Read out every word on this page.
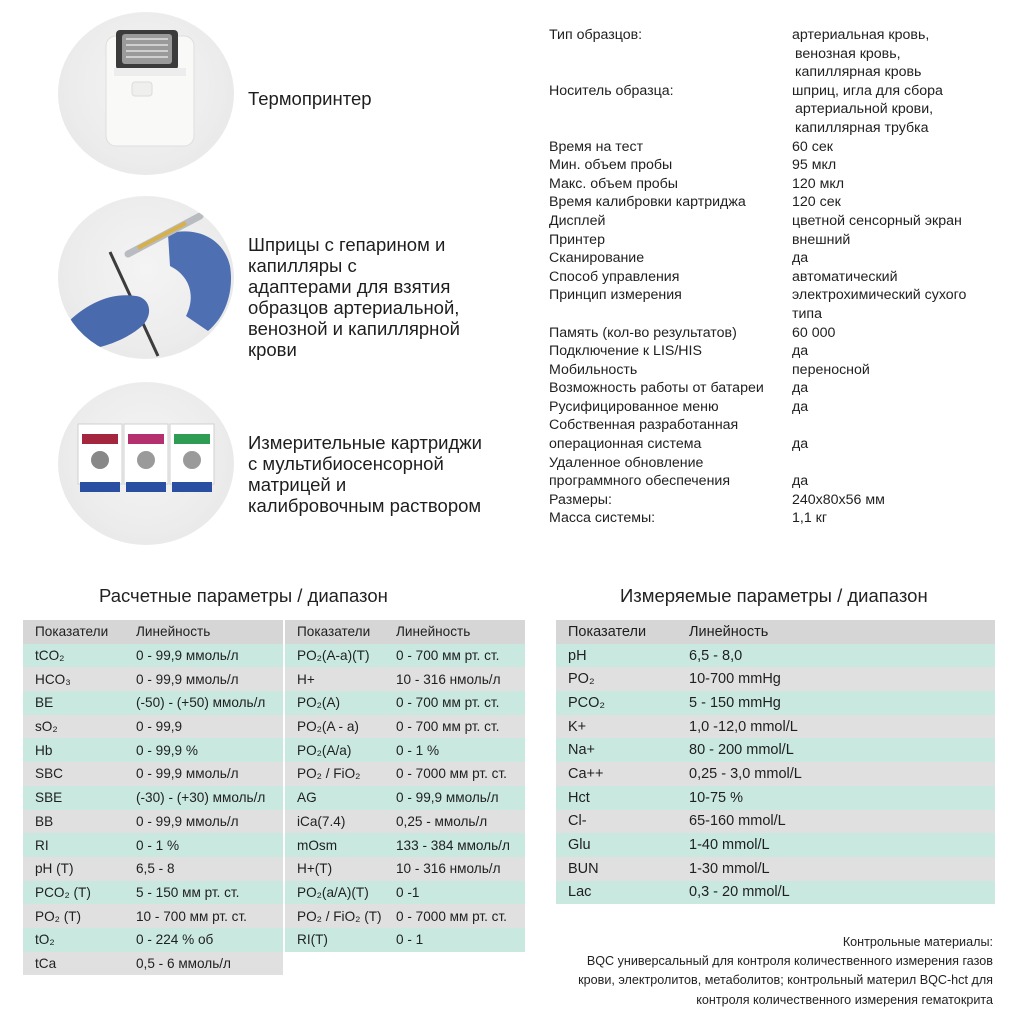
Термопринтер
Шприцы с гепарином и
капилляры с
адаптерами для взятия
образцов артериальной,
венозной и капиллярной
крови
Измерительные картриджи
с мультибиосенсорной
матрицей и
калибровочным раствором
Тип образцов:	артериальная кровь,
венозная кровь,
капиллярная кровь
Носитель образца:	шприц, игла для сбора
артериальной крови,
капиллярная трубка
Время на тест	60 сек
Мин. объем пробы	95 мкл
Макс. объем пробы	120 мкл
Время калибровки картриджа	120 сек
Дисплей	цветной сенсорный экран
Принтер	внешний
Сканирование	да
Способ управления	автоматический
Принцип измерения	электрохимический сухого
типа
Память (кол-во результатов)	60 000
Подключение к LIS/HIS	да
Мобильность	переносной
Возможность работы от батареи	да
Русифицированное меню	да
Собственная разработанная
операционная система
	да
Удаленное обновление
программного обеспечения
	да
Размеры:	240x80x56 мм
Масса системы:	1,1 кг
Расчетные параметры / диапазон
Показатели	Линейность	Показатели	Линейность
tCO₂	0 - 99,9 ммоль/л	PO₂(A-a)(T)	0 - 700 мм рт. ст.
HCO₃	0 - 99,9 ммоль/л	H+	10 - 316 нмоль/л
BE	(-50) - (+50) ммоль/л	PO₂(A)	0 - 700 мм рт. ст.
sO₂	0 - 99,9	PO₂(A - a)	0 - 700 мм рт. ст.
Hb	0 - 99,9 %	PO₂(A/a)	0 - 1 %
SBC	0 - 99,9 ммоль/л	PO₂ / FiO₂	0 - 7000 мм рт. ст.
SBE	(-30) - (+30) ммоль/л	AG	0 - 99,9 ммоль/л
BB	0 - 99,9 ммоль/л	iCa(7.4)	0,25 - ммоль/л
RI	0 - 1 %	mOsm	133 - 384 ммоль/л
pH (T)	6,5 - 8	H+(T)	10 - 316 нмоль/л
PCO₂ (T)	5 - 150 мм рт. ст.	PO₂(a/A)(T)	0 -1
PO₂ (T)	10 - 700 мм рт. ст.	PO₂ / FiO₂ (T)	0 - 7000 мм рт. ст.
tO₂	0 - 224 % об	RI(T)	0 - 1
tCa	0,5 - 6 ммоль/л		
Измеряемые параметры / диапазон
Показатели	Линейность
pH	6,5 - 8,0
PO₂	10-700 mmHg
PCO₂	5 - 150 mmHg
K+	1,0 -12,0 mmol/L
Na+	80 - 200 mmol/L
Ca++	0,25 - 3,0 mmol/L
Hct	10-75 %
Cl-	65-160 mmol/L
Glu	1-40 mmol/L
BUN	1-30 mmol/L
Lac	0,3 - 20 mmol/L
Контрольные материалы:
BQC универсальный для контроля количественного измерения газов
крови, электролитов, метаболитов; контрольный материл BQC-hct для
контроля количественного измерения гематокрита
